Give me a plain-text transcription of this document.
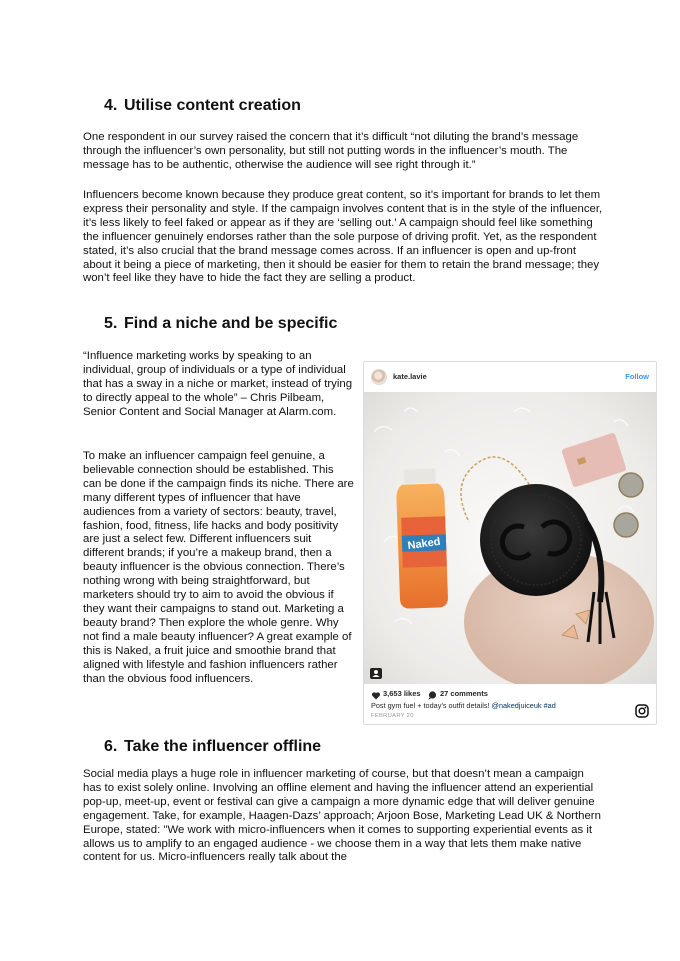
4. Utilise content creation
One respondent in our survey raised the concern that it’s difficult “not diluting the brand’s message through the influencer’s own personality, but still not putting words in the influencer’s mouth. The message has to be authentic, otherwise the audience will see right through it.”
Influencers become known because they produce great content, so it’s important for brands to let them express their personality and style. If the campaign involves content that is in the style of the influencer, it’s less likely to feel faked or appear as if they are ‘selling out.’ A campaign should feel like something the influencer genuinely endorses rather than the sole purpose of driving profit. Yet, as the respondent stated, it’s also crucial that the brand message comes across. If an influencer is open and up-front about it being a piece of marketing, then it should be easier for them to retain the brand message; they won’t feel like they have to hide the fact they are selling a product.
5. Find a niche and be specific
“Influence marketing works by speaking to an individual, group of individuals or a type of individual that has a sway in a niche or market, instead of trying to directly appeal to the whole” – Chris Pilbeam, Senior Content and Social Manager at Alarm.com.
To make an influencer campaign feel genuine, a believable connection should be established. This can be done if the campaign finds its niche. There are many different types of influencer that have audiences from a variety of sectors: beauty, travel, fashion, food, fitness, life hacks and body positivity are just a select few. Different influencers suit different brands; if you’re a makeup brand, then a beauty influencer is the obvious connection. There’s nothing wrong with being straightforward, but marketers should try to aim to avoid the obvious if they want their campaigns to stand out. Marketing a beauty brand? Then explore the whole genre. Why not find a male beauty influencer? A great example of this is Naked, a fruit juice and smoothie brand that aligned with lifestyle and fashion influencers rather than the obvious food influencers.
kate.lavie	Follow
Naked
3,653 likes	27 comments
Post gym fuel + today’s outfit details! @nakedjuiceuk #ad
FEBRUARY 20
6. Take the influencer offline
Social media plays a huge role in influencer marketing of course, but that doesn’t mean a campaign has to exist solely online. Involving an offline element and having the influencer attend an experiential pop-up, meet-up, event or festival can give a campaign a more dynamic edge that will deliver genuine engagement. Take, for example, Haagen-Dazs’ approach; Arjoon Bose, Marketing Lead UK & Northern Europe, stated: "We work with micro-influencers when it comes to supporting experiential events as it allows us to amplify to an engaged audience - we choose them in a way that lets them make native content for us. Micro-influencers really talk about the
